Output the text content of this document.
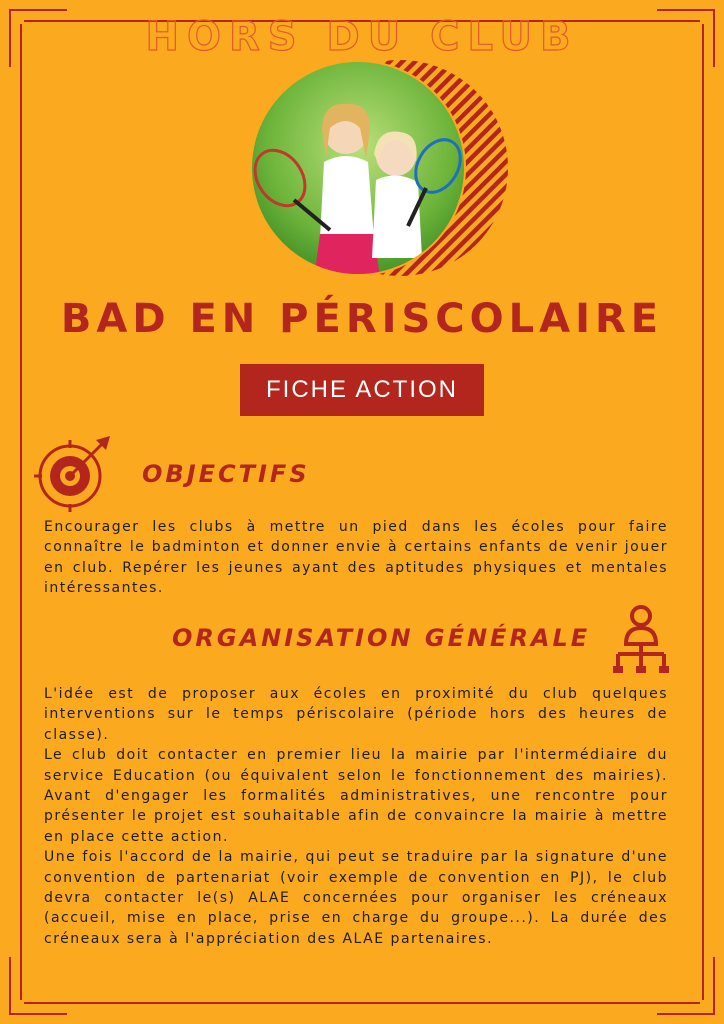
HORS DU CLUB
BAD EN PÉRISCOLAIRE
FICHE ACTION
OBJECTIFS
Encourager les clubs à mettre un pied dans les écoles pour faire connaître le badminton et donner envie à certains enfants de venir jouer en club. Repérer les jeunes ayant des aptitudes physiques et mentales intéressantes.
ORGANISATION GÉNÉRALE

L'idée est de proposer aux écoles en proximité du club quelques interventions sur le temps périscolaire (période hors des heures de classe).

Le club doit contacter en premier lieu la mairie par l'intermédiaire du service Education (ou équivalent selon le fonctionnement des mairies). Avant d'engager les formalités administratives, une rencontre pour présenter le projet est souhaitable afin de convaincre la mairie à mettre en place cette action.

Une fois l'accord de la mairie, qui peut se traduire par la signature d'une convention de partenariat (voir exemple de convention en PJ), le club devra contacter le(s) ALAE concernées pour organiser les créneaux (accueil, mise en place, prise en charge du groupe...). La durée des créneaux sera à l'appréciation des ALAE partenaires.
